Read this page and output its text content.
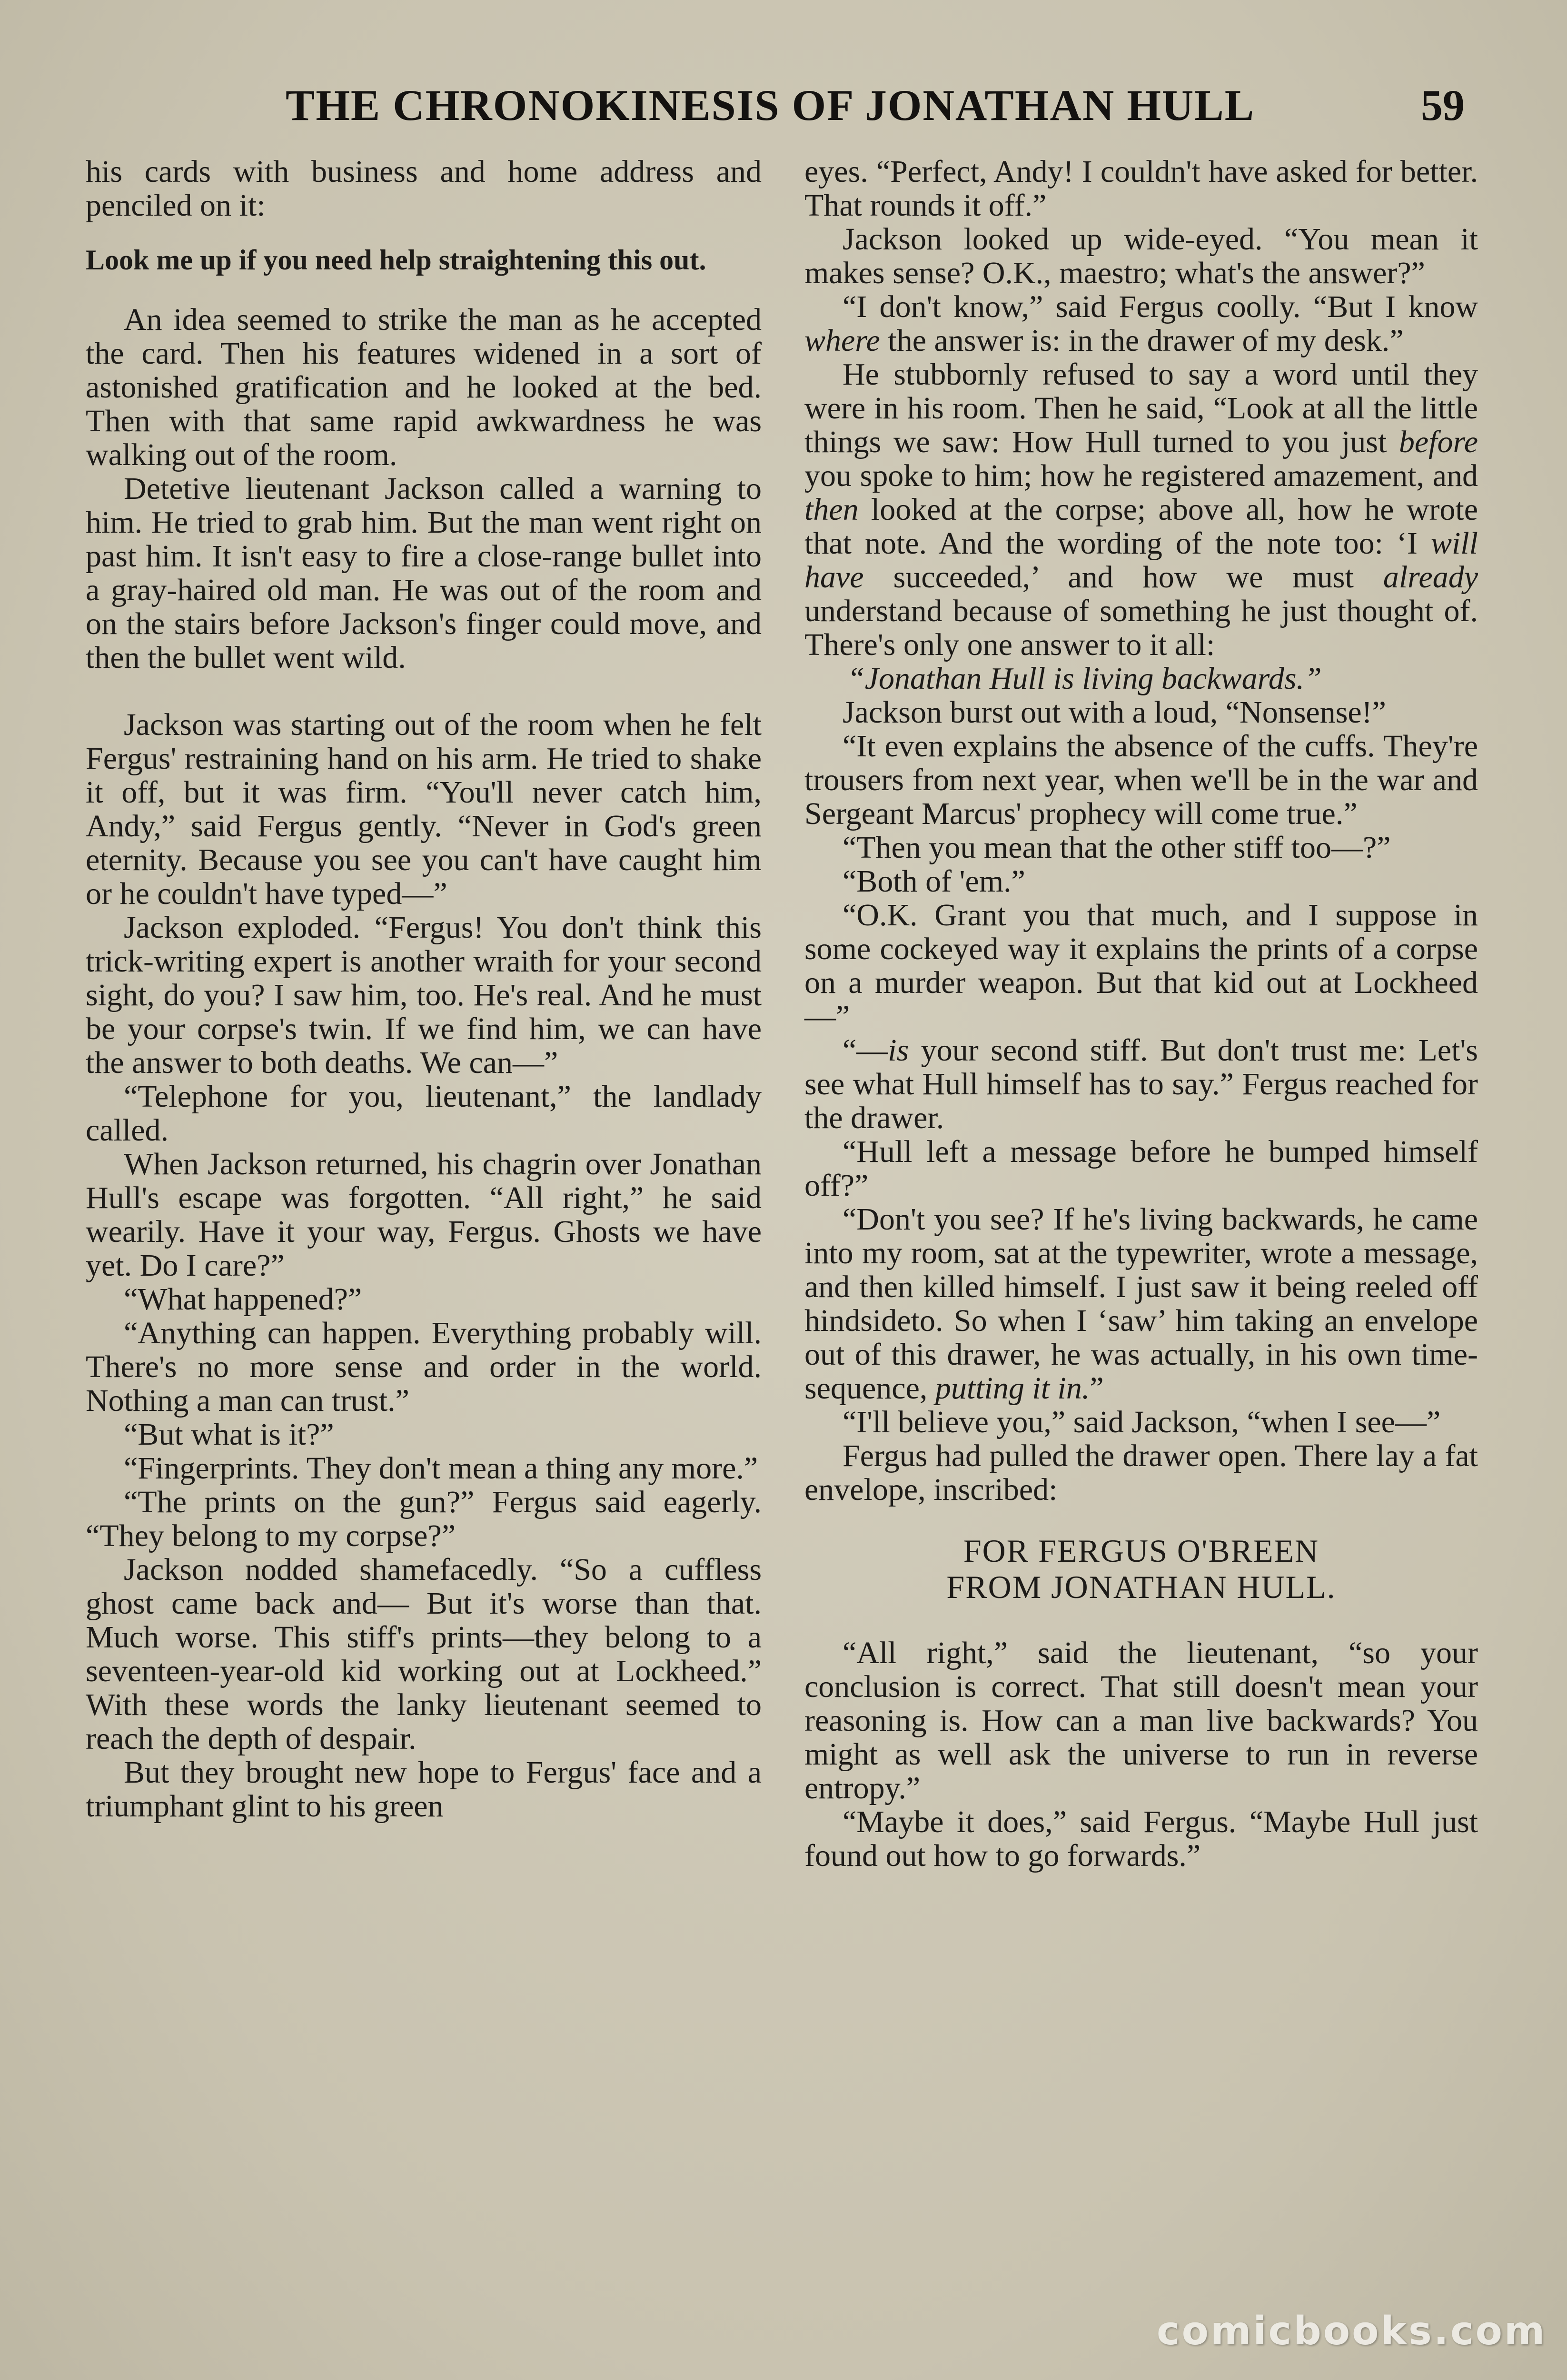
THE CHRONOKINESIS OF JONATHAN HULL	59

his cards with business and home address and penciled on it:

Look me up if you need help straightening this out.

An idea seemed to strike the man as he accepted the card. Then his features widened in a sort of astonished gratification and he looked at the bed. Then with that same rapid awkwardness he was walking out of the room.

Detetive lieutenant Jackson called a warning to him. He tried to grab him. But the man went right on past him. It isn't easy to fire a close-range bullet into a gray-haired old man. He was out of the room and on the stairs before Jackson's finger could move, and then the bullet went wild.

Jackson was starting out of the room when he felt Fergus' restraining hand on his arm. He tried to shake it off, but it was firm. “You'll never catch him, Andy,” said Fergus gently. “Never in God's green eternity. Because you see you can't have caught him or he couldn't have typed—”

Jackson exploded. “Fergus! You don't think this trick-writing expert is another wraith for your second sight, do you? I saw him, too. He's real. And he must be your corpse's twin. If we find him, we can have the answer to both deaths. We can—”

“Telephone for you, lieutenant,” the landlady called.

When Jackson returned, his chagrin over Jonathan Hull's escape was forgotten. “All right,” he said wearily. Have it your way, Fergus. Ghosts we have yet. Do I care?”

“What happened?”

“Anything can happen. Everything probably will. There's no more sense and order in the world. Nothing a man can trust.”

“But what is it?”

“Fingerprints. They don't mean a thing any more.”

“The prints on the gun?” Fergus said eagerly. “They belong to my corpse?”

Jackson nodded shamefacedly. “So a cuffless ghost came back and— But it's worse than that. Much worse. This stiff's prints—they belong to a seventeen-year-old kid working out at Lockheed.” With these words the lanky lieutenant seemed to reach the depth of despair.

But they brought new hope to Fergus' face and a triumphant glint to his green

eyes. “Perfect, Andy! I couldn't have asked for better. That rounds it off.”

Jackson looked up wide-eyed. “You mean it makes sense? O.K., maestro; what's the answer?”

“I don't know,” said Fergus coolly. “But I know where the answer is: in the drawer of my desk.”

He stubbornly refused to say a word until they were in his room. Then he said, “Look at all the little things we saw: How Hull turned to you just before you spoke to him; how he registered amazement, and then looked at the corpse; above all, how he wrote that note. And the wording of the note too: ‘I will have succeeded,’ and how we must already understand because of something he just thought of. There's only one answer to it all:

“Jonathan Hull is living backwards.”

Jackson burst out with a loud, “Nonsense!”

“It even explains the absence of the cuffs. They're trousers from next year, when we'll be in the war and Sergeant Marcus' prophecy will come true.”

“Then you mean that the other stiff too—?”

“Both of 'em.”

“O.K. Grant you that much, and I suppose in some cockeyed way it explains the prints of a corpse on a murder weapon. But that kid out at Lockheed—”

“—is your second stiff. But don't trust me: Let's see what Hull himself has to say.” Fergus reached for the drawer.

“Hull left a message before he bumped himself off?”

“Don't you see? If he's living backwards, he came into my room, sat at the typewriter, wrote a message, and then killed himself. I just saw it being reeled off hindsideto. So when I ‘saw’ him taking an envelope out of this drawer, he was actually, in his own time-sequence, putting it in.”

“I'll believe you,” said Jackson, “when I see—”

Fergus had pulled the drawer open. There lay a fat envelope, inscribed:

FOR FERGUS O'BREEN
FROM JONATHAN HULL.

“All right,” said the lieutenant, “so your conclusion is correct. That still doesn't mean your reasoning is. How can a man live backwards? You might as well ask the universe to run in reverse entropy.”

“Maybe it does,” said Fergus. “Maybe Hull just found out how to go forwards.”

comicbooks.com
